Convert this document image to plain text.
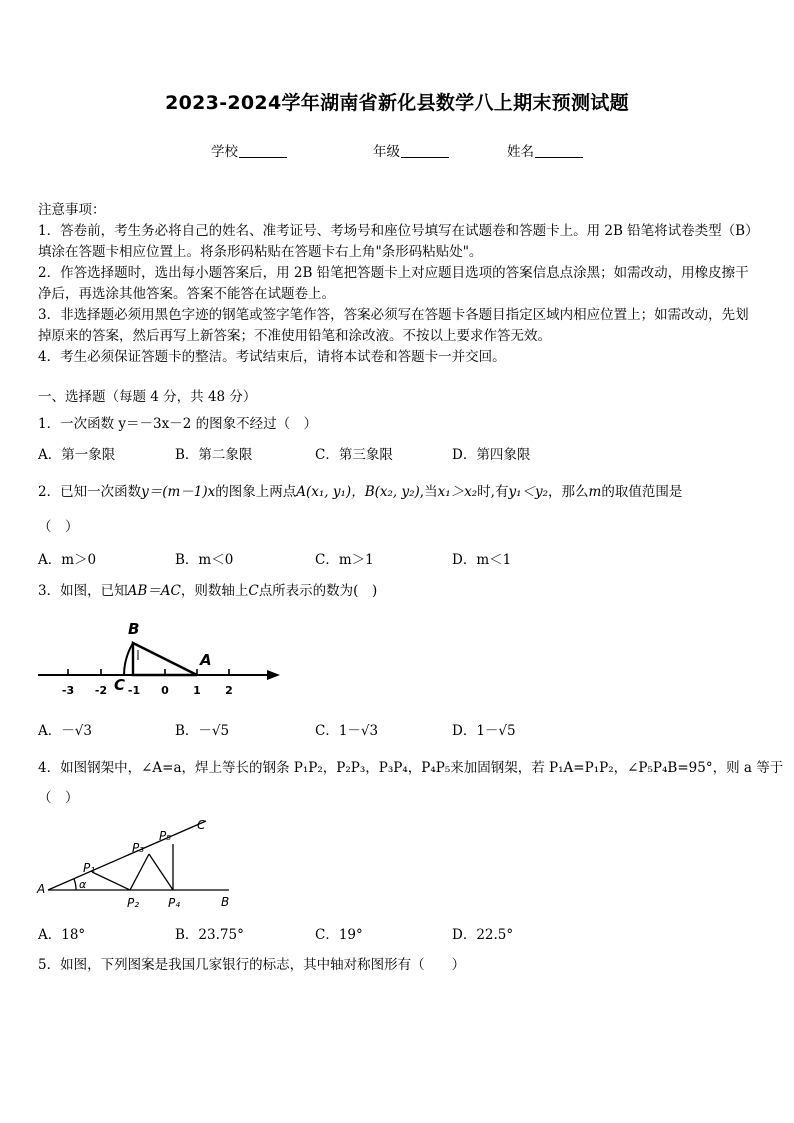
2023-2024学年湖南省新化县数学八上期末预测试题
学校	年级	姓名
注意事项：
1．答卷前，考生务必将自己的姓名、准考证号、考场号和座位号填写在试题卷和答题卡上。用 2B 铅笔将试卷类型（B）填涂在答题卡相应位置上。将条形码粘贴在答题卡右上角"条形码粘贴处"。
2．作答选择题时，选出每小题答案后，用 2B 铅笔把答题卡上对应题目选项的答案信息点涂黑；如需改动，用橡皮擦干净后，再选涂其他答案。答案不能答在试题卷上。
3．非选择题必须用黑色字迹的钢笔或签字笔作答，答案必须写在答题卡各题目指定区域内相应位置上；如需改动，先划掉原来的答案，然后再写上新答案；不准使用铅笔和涂改液。不按以上要求作答无效。
4．考生必须保证答题卡的整洁。考试结束后，请将本试卷和答题卡一并交回。
一、选择题（每题 4 分，共 48 分）
1．一次函数 y＝－3x－2 的图象不经过（　）
A．第一象限	B．第二象限	C．第三象限	D．第四象限
2．已知一次函数y＝(m－1)x的图象上两点A(x₁, y₁)，B(x₂, y₂),当x₁＞x₂时,有y₁＜y₂，那么m的取值范围是
（　）
A．m＞0	B．m＜0	C．m＞1	D．m＜1
3．如图，已知AB＝AC，则数轴上C点所表示的数为(　)
B
A
C
-3 -2 -1 0 1 2
A．－√3	B．－√5	C．1－√3	D．1－√5
4．如图钢架中，∠A=a，焊上等长的钢条 P₁P₂，P₂P₃，P₃P₄，P₄P₅来加固钢架，若 P₁A=P₁P₂，∠P₅P₄B=95°，则 a 等于
（　）
A
B
C
P₁
P₂
P₃
P₄
P₅
α
A．18°	B．23.75°	C．19°	D．22.5°
5．如图，下列图案是我国几家银行的标志，其中轴对称图形有（　　）
